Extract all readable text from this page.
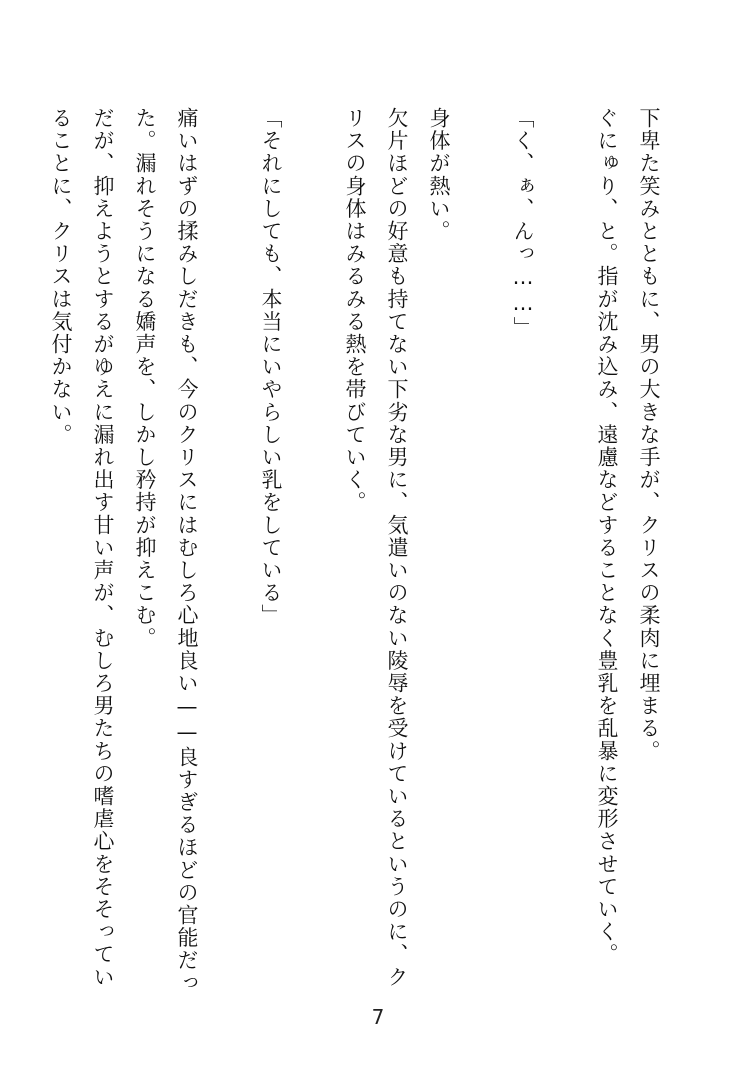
下卑た笑みとともに、男の大きな手が、クリスの柔肉に埋まる。

ぐにゅり、と。指が沈み込み、遠慮などすることなく豊乳を乱暴に変形させていく。

「く、ぁ、んっ……」

身体が熱い。

欠片ほどの好意も持てない下劣な男に、気遣いのない陵辱を受けているというのに、ク

リスの身体はみるみる熱を帯びていく。

「それにしても、本当にいやらしい乳をしている」

痛いはずの揉みしだきも、今のクリスにはむしろ心地良い——良すぎるほどの官能だっ

た。漏れそうになる嬌声を、しかし矜持が抑えこむ。

だが、抑えようとするがゆえに漏れ出す甘い声が、むしろ男たちの嗜虐心をそそってい

ることに、クリスは気付かない。

7
